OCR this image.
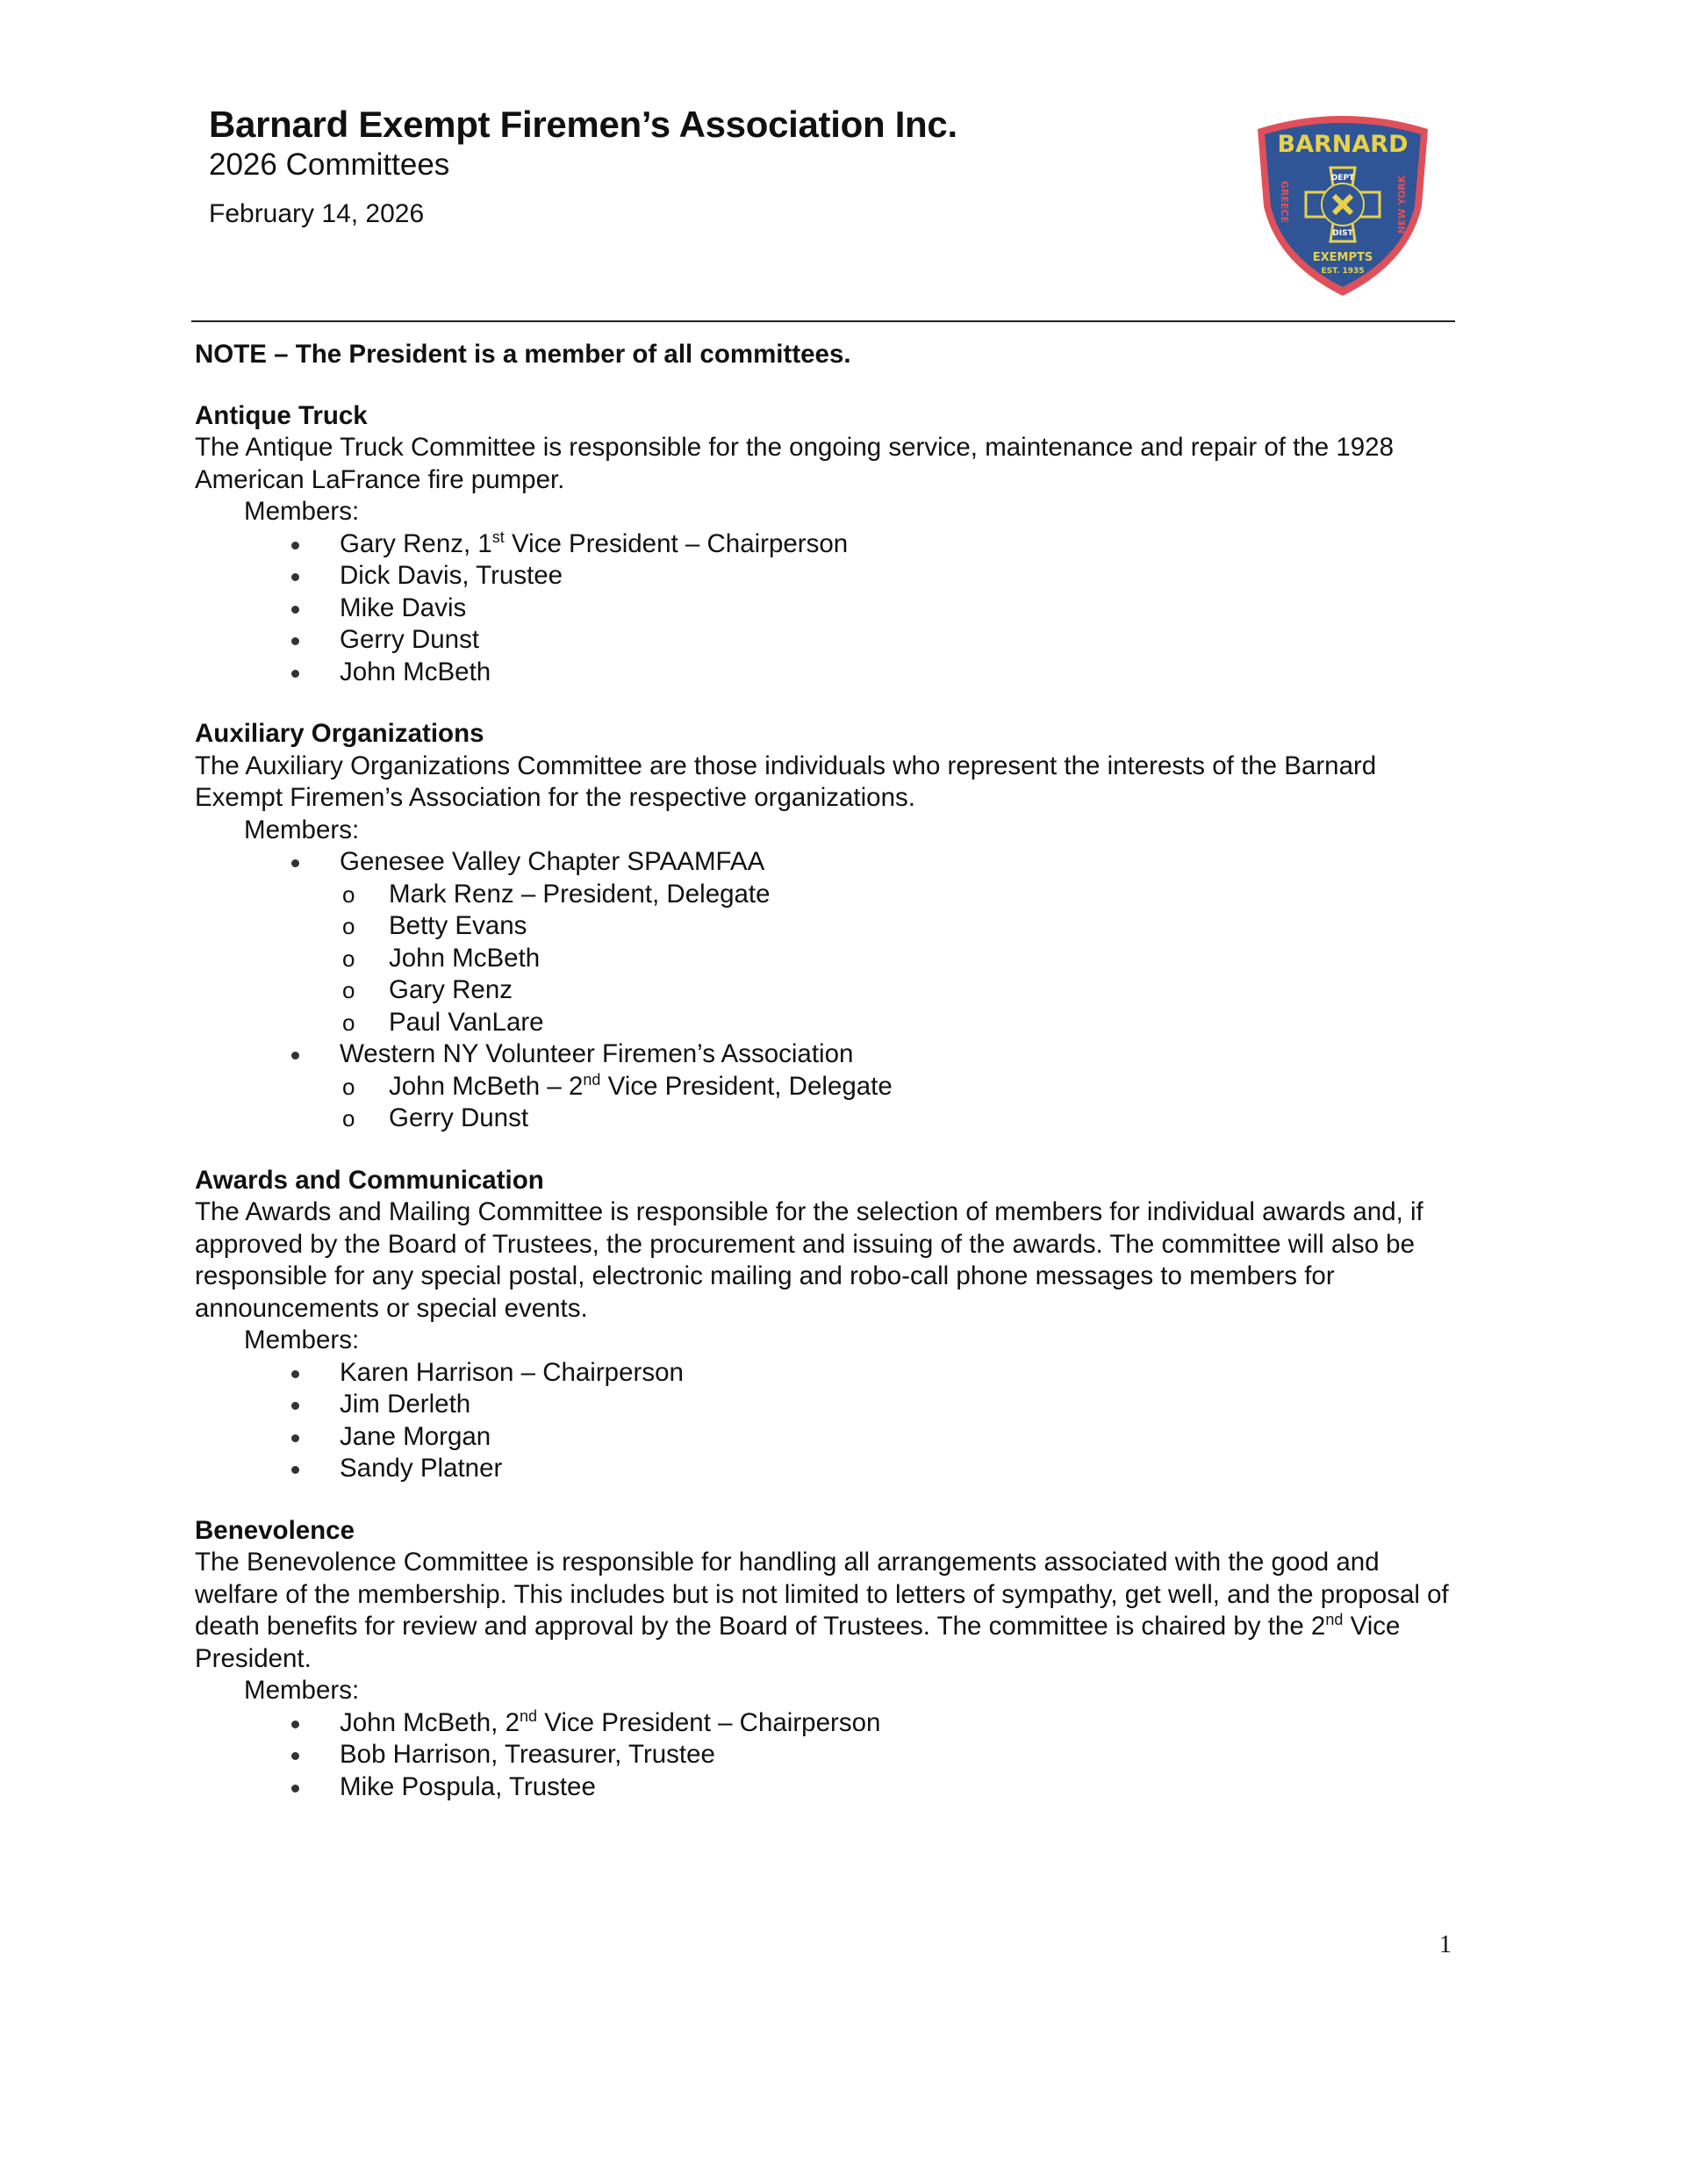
Barnard Exempt Firemen’s Association Inc.
2026 Committees
February 14, 2026
BARNARD
DEPT
DIST
GREECE	NEW YORK
EXEMPTS
EST. 1935
NOTE – The President is a member of all committees.
Antique Truck

The Antique Truck Committee is responsible for the ongoing service, maintenance and repair of the 1928 American LaFrance fire pumper.

Members:
Gary Renz, 1st Vice President – Chairperson
Dick Davis, Trustee
Mike Davis
Gerry Dunst
John McBeth
Auxiliary Organizations

The Auxiliary Organizations Committee are those individuals who represent the interests of the Barnard Exempt Firemen’s Association for the respective organizations.

Members:
Genesee Valley Chapter SPAAMFAA
o Mark Renz – President, Delegate
o Betty Evans
o John McBeth
o Gary Renz
o Paul VanLare
Western NY Volunteer Firemen’s Association
o John McBeth – 2nd Vice President, Delegate
o Gerry Dunst
Awards and Communication

The Awards and Mailing Committee is responsible for the selection of members for individual awards and, if approved by the Board of Trustees, the procurement and issuing of the awards. The committee will also be responsible for any special postal, electronic mailing and robo-call phone messages to members for announcements or special events.

Members:
Karen Harrison – Chairperson
Jim Derleth
Jane Morgan
Sandy Platner
Benevolence

The Benevolence Committee is responsible for handling all arrangements associated with the good and welfare of the membership. This includes but is not limited to letters of sympathy, get well, and the proposal of death benefits for review and approval by the Board of Trustees. The committee is chaired by the 2nd Vice President.

Members:
John McBeth, 2nd Vice President – Chairperson
Bob Harrison, Treasurer, Trustee
Mike Pospula, Trustee
1
